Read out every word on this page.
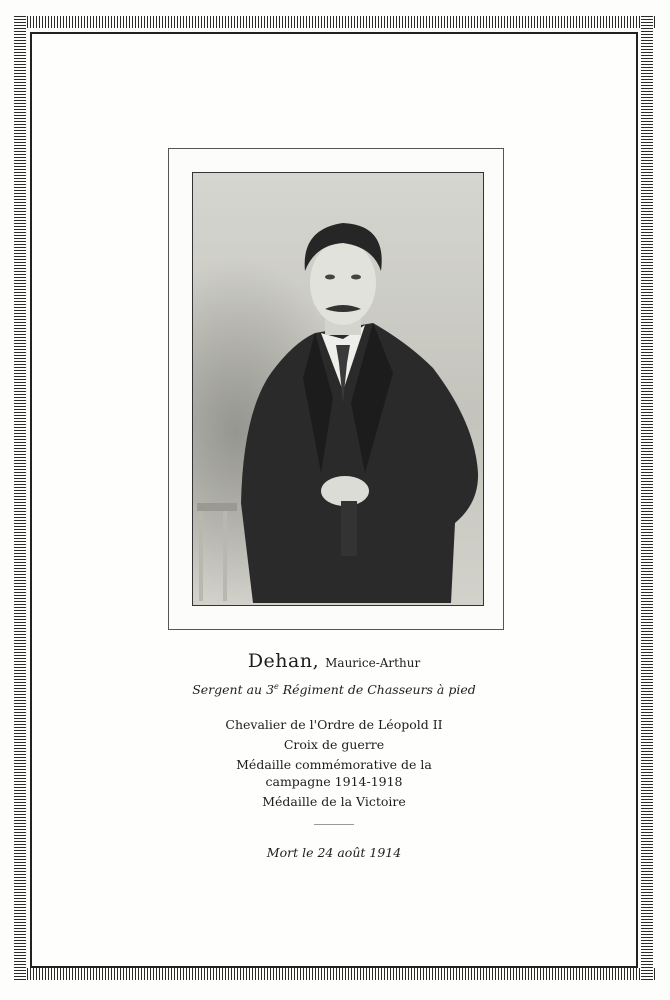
Dehan, Maurice-Arthur
Sergent au 3e Régiment de Chasseurs à pied
Chevalier de l'Ordre de Léopold II
Croix de guerre
Médaille commémorative de la
campagne 1914-1918
Médaille de la Victoire
Mort le 24 août 1914
